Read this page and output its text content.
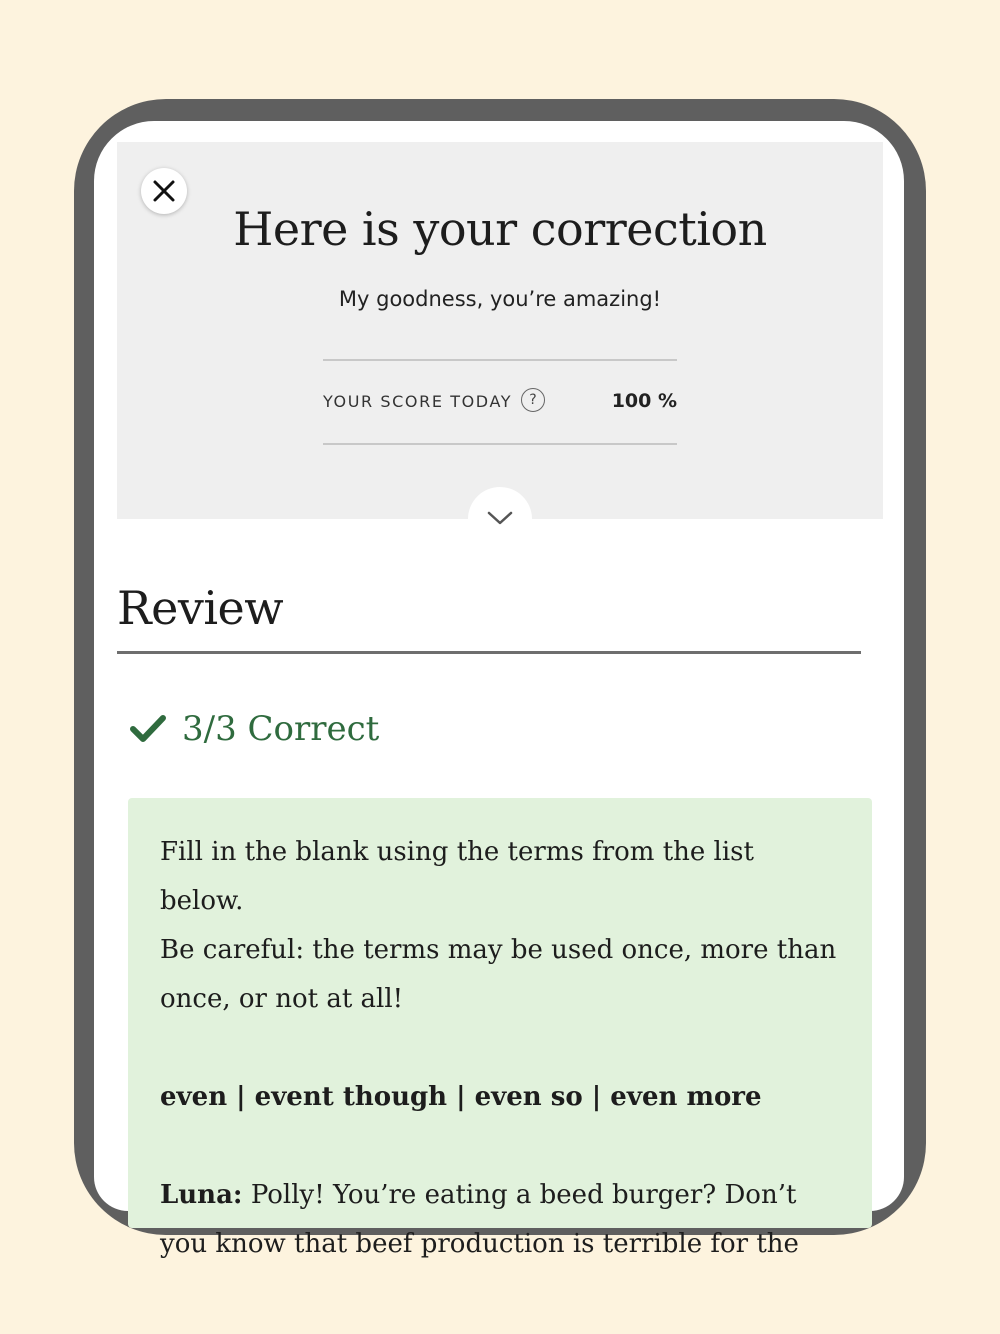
Here is your correction
My goodness, you’re amazing!
YOUR SCORE TODAY	?	100 %
Review
3/3 Correct

Fill in the blank using the terms from the list below.

Be careful: the terms may be used once, more than once, or not at all!

even | event though | even so | even more

Luna: Polly! You’re eating a beed burger? Don’t you know that beef production is terrible for the
